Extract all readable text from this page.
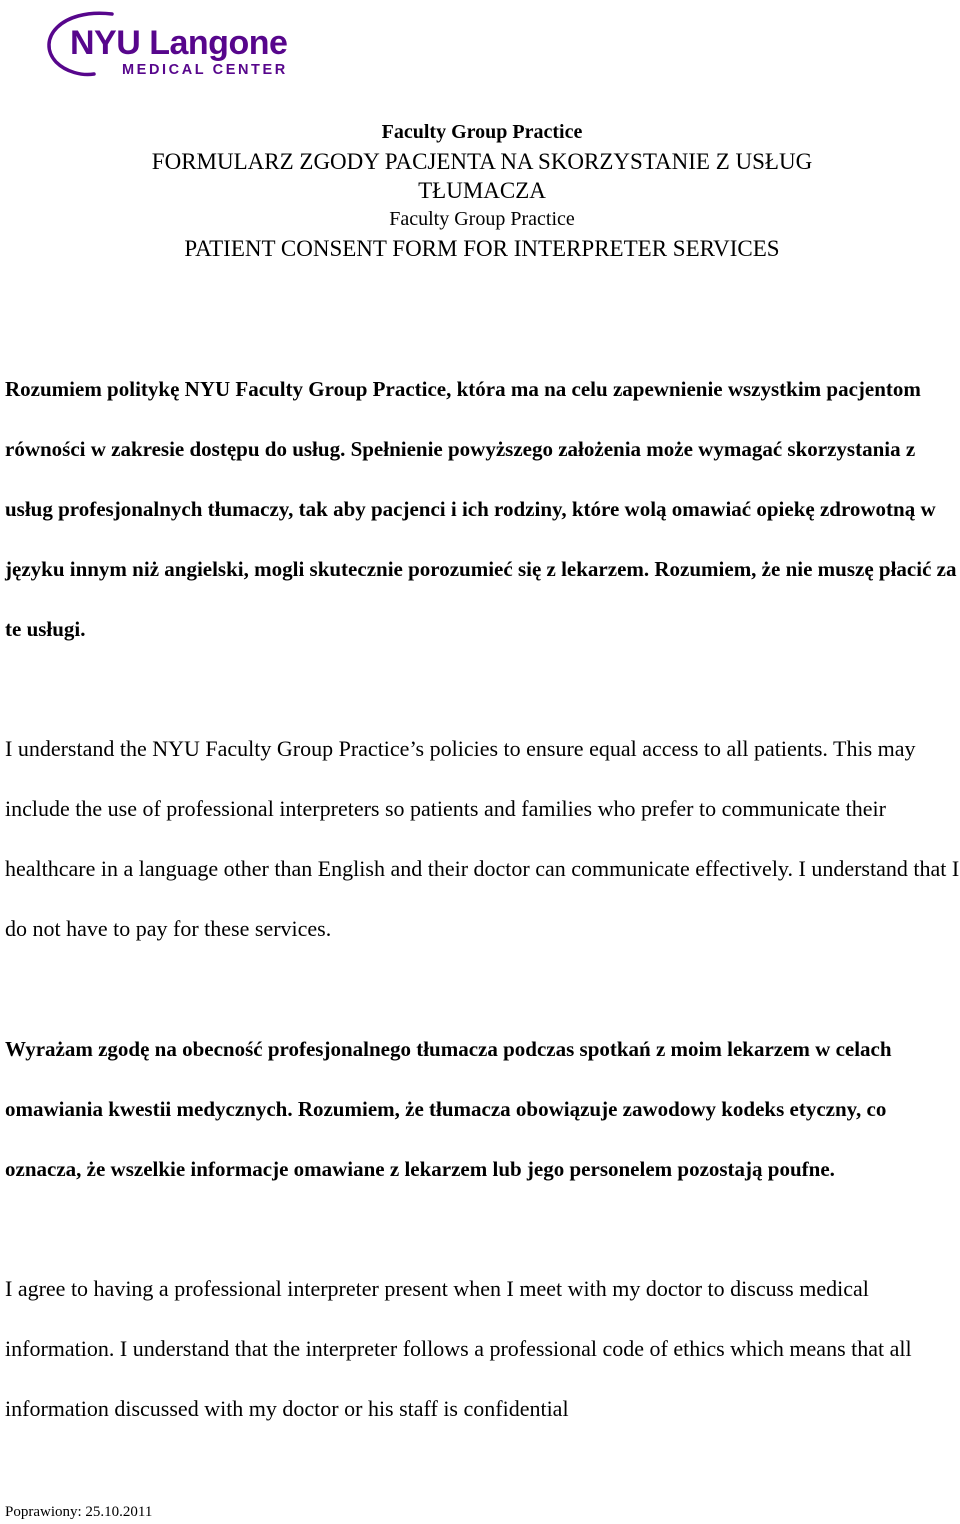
NYU Langone
MEDICAL CENTER
Faculty Group Practice
FORMULARZ ZGODY PACJENTA NA SKORZYSTANIE Z USŁUG
TŁUMACZA
Faculty Group Practice
PATIENT CONSENT FORM FOR INTERPRETER SERVICES

Rozumiem politykę NYU Faculty Group Practice, która ma na celu zapewnienie wszystkim pacjentom równości w zakresie dostępu do usług. Spełnienie powyższego założenia może wymagać skorzystania z usług profesjonalnych tłumaczy, tak aby pacjenci i ich rodziny, które wolą omawiać opiekę zdrowotną w języku innym niż angielski, mogli skutecznie porozumieć się z lekarzem. Rozumiem, że nie muszę płacić za te usługi.

I understand the NYU Faculty Group Practice’s policies to ensure equal access to all patients. This may include the use of professional interpreters so patients and families who prefer to communicate their healthcare in a language other than English and their doctor can communicate effectively. I understand that I do not have to pay for these services.

Wyrażam zgodę na obecność profesjonalnego tłumacza podczas spotkań z moim lekarzem w celach omawiania kwestii medycznych. Rozumiem, że tłumacza obowiązuje zawodowy kodeks etyczny, co oznacza, że wszelkie informacje omawiane z lekarzem lub jego personelem pozostają poufne.

I agree to having a professional interpreter present when I meet with my doctor to discuss medical information. I understand that the interpreter follows a professional code of ethics which means that all information discussed with my doctor or his staff is confidential

Poprawiony: 25.10.2011
